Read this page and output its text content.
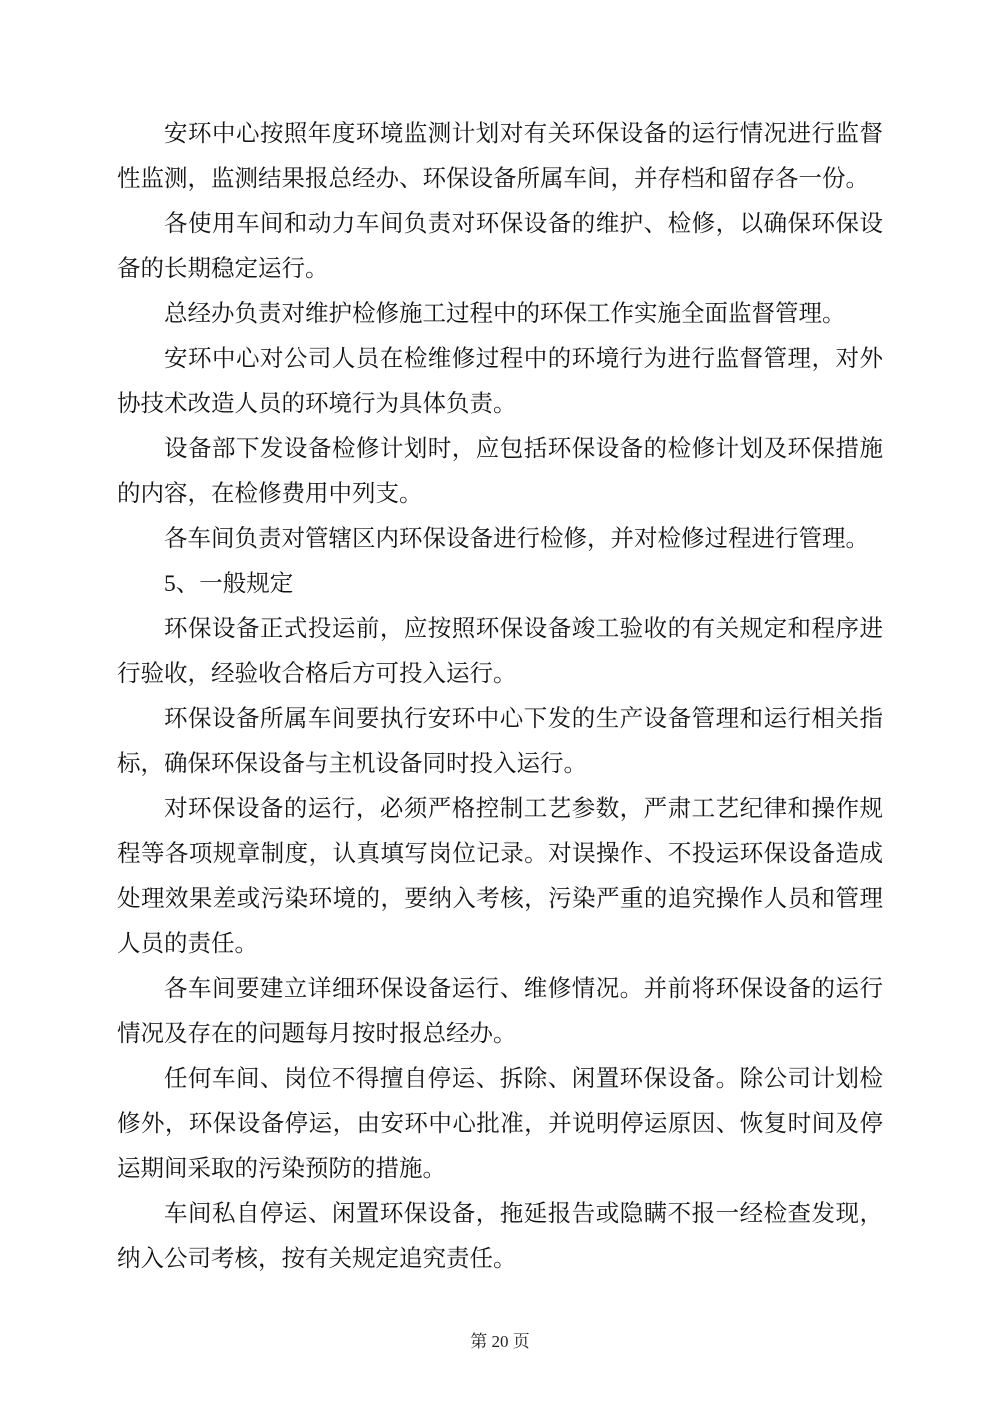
安环中心按照年度环境监测计划对有关环保设备的运行情况进行监督性监测，监测结果报总经办、环保设备所属车间，并存档和留存各一份。

各使用车间和动力车间负责对环保设备的维护、检修，以确保环保设备的长期稳定运行。

总经办负责对维护检修施工过程中的环保工作实施全面监督管理。

安环中心对公司人员在检维修过程中的环境行为进行监督管理，对外协技术改造人员的环境行为具体负责。

设备部下发设备检修计划时，应包括环保设备的检修计划及环保措施的内容，在检修费用中列支。

各车间负责对管辖区内环保设备进行检修，并对检修过程进行管理。

5、一般规定

环保设备正式投运前，应按照环保设备竣工验收的有关规定和程序进行验收，经验收合格后方可投入运行。

环保设备所属车间要执行安环中心下发的生产设备管理和运行相关指标，确保环保设备与主机设备同时投入运行。

对环保设备的运行，必须严格控制工艺参数，严肃工艺纪律和操作规程等各项规章制度，认真填写岗位记录。对误操作、不投运环保设备造成处理效果差或污染环境的，要纳入考核，污染严重的追究操作人员和管理人员的责任。

各车间要建立详细环保设备运行、维修情况。并前将环保设备的运行情况及存在的问题每月按时报总经办。

任何车间、岗位不得擅自停运、拆除、闲置环保设备。除公司计划检修外，环保设备停运，由安环中心批准，并说明停运原因、恢复时间及停运期间采取的污染预防的措施。

车间私自停运、闲置环保设备，拖延报告或隐瞒不报一经检查发现，纳入公司考核，按有关规定追究责任。

第 20 页
